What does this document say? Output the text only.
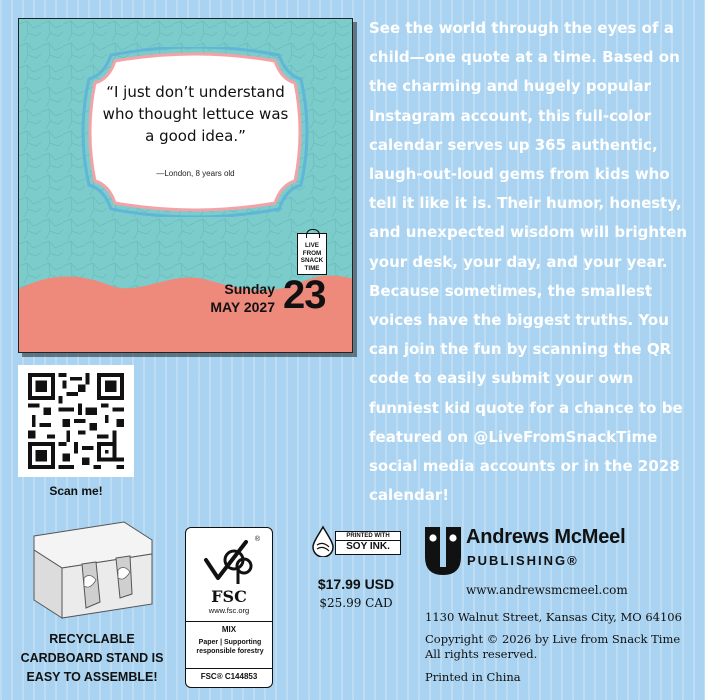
“I just don’t understand who thought lettuce was a good idea.”
—London, 8 years old
LIVE
FROM
SNACK
TIME
Sunday
MAY 2027 23

See the world through the eyes of a child—one quote at a time. Based on the charming and hugely popular Instagram account, this full-color calendar serves up 365 authentic, laugh-out-loud gems from kids who tell it like it is. Their humor, honesty, and unexpected wisdom will brighten your desk, your day, and your year. Because sometimes, the smallest voices have the biggest truths. You can join the fun by scanning the QR code to easily submit your own funniest kid quote for a chance to be featured on @LiveFromSnackTime social media accounts or in the 2028 calendar!

Scan me!
RECYCLABLE
CARDBOARD STAND IS
EASY TO ASSEMBLE!
®
FSC
www.fsc.org
MIX
Paper | Supporting
responsible forestry
FSC® C144853
PRINTED WITH
SOY INK.
$17.99 USD
$25.99 CAD
Andrews McMeel
PUBLISHING®
www.andrewsmcmeel.com
1130 Walnut Street, Kansas City, MO 64106
Copyright © 2026 by Live from Snack Time
All rights reserved.
Printed in China
